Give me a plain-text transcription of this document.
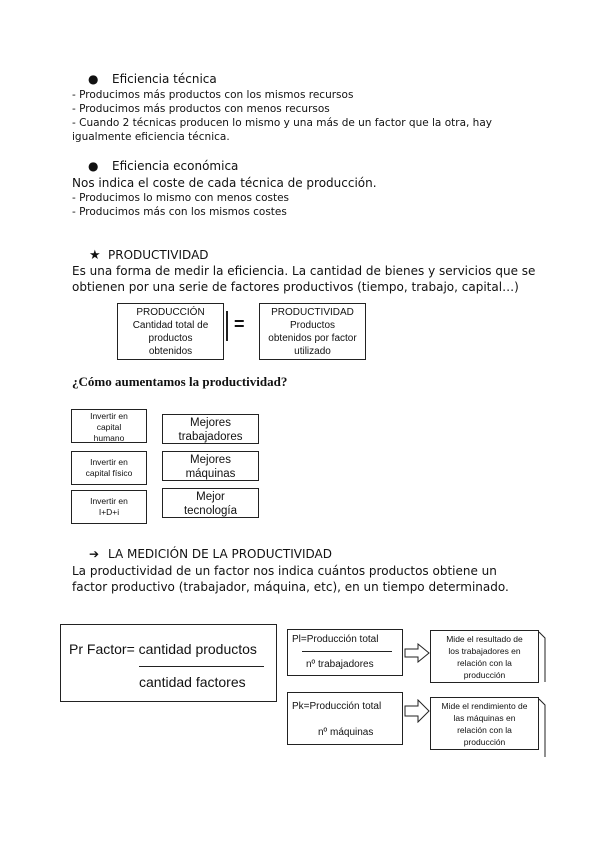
● Eficiencia técnica
- Producimos más productos con los mismos recursos
- Producimos más productos con menos recursos
- Cuando 2 técnicas producen lo mismo y una más de un factor que la otra, hay
igualmente eficiencia técnica.
● Eficiencia económica
Nos indica el coste de cada técnica de producción.
- Producimos lo mismo con menos costes
- Producimos más con los mismos costes
★ PRODUCTIVIDAD
Es una forma de medir la eficiencia. La cantidad de bienes y servicios que se
obtienen por una serie de factores productivos (tiempo, trabajo, capital…)
PRODUCCIÓN
Cantidad total de
productos
obtenidos
=
PRODUCTIVIDAD
Productos
obtenidos por factor
utilizado
¿Cómo aumentamos la productividad?
Invertir en
capital
humano
Mejores
trabajadores
Invertir en
capital físico
Mejores
máquinas
Invertir en
I+D+i
Mejor
tecnología
➔ LA MEDICIÓN DE LA PRODUCTIVIDAD
La productividad de un factor nos indica cuántos productos obtiene un
factor productivo (trabajador, máquina, etc), en un tiempo determinado.
Pr Factor= cantidad productos
cantidad factores
Pl=Producción total
nº trabajadores
Pk=Producción total
nº máquinas
Mide el resultado de
los trabajadores en
relación con la
producción
Mide el rendimiento de
las máquinas en
relación con la
producción
